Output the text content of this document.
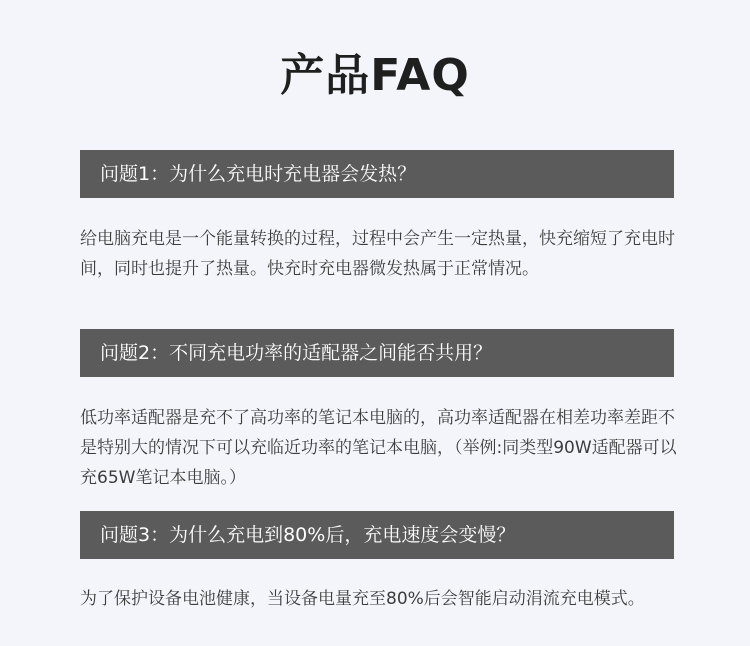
产品FAQ
问题1：为什么充电时充电器会发热？
给电脑充电是一个能量转换的过程，过程中会产生一定热量，快充缩短了充电时间，同时也提升了热量。快充时充电器微发热属于正常情况。
问题2：不同充电功率的适配器之间能否共用？
低功率适配器是充不了高功率的笔记本电脑的，高功率适配器在相差功率差距不是特别大的情况下可以充临近功率的笔记本电脑，（举例:同类型90W适配器可以充65W笔记本电脑。）
问题3：为什么充电到80%后，充电速度会变慢？
为了保护设备电池健康，当设备电量充至80%后会智能启动涓流充电模式。
